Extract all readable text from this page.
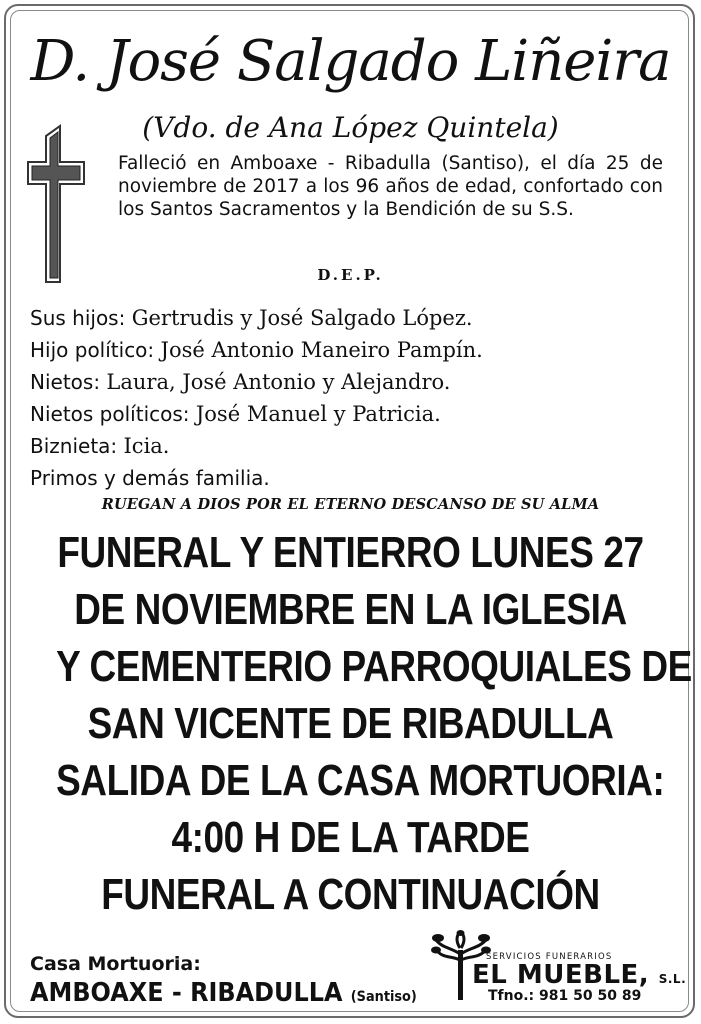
D. José Salgado Liñeira
(Vdo. de Ana López Quintela)
Falleció en Amboaxe - Ribadulla (Santiso), el día 25 de noviembre de 2017 a los 96 años de edad, confortado con los Santos Sacramentos y la Bendición de su S.S.
D.E.P.
Sus hijos: Gertrudis y José Salgado López.
Hijo político: José Antonio Maneiro Pampín.
Nietos: Laura, José Antonio y Alejandro.
Nietos políticos: José Manuel y Patricia.
Biznieta: Icia.
Primos y demás familia.
RUEGAN A DIOS POR EL ETERNO DESCANSO DE SU ALMA
FUNERAL Y ENTIERRO LUNES 27
DE NOVIEMBRE EN LA IGLESIA
Y CEMENTERIO PARROQUIALES DE
SAN VICENTE DE RIBADULLA
SALIDA DE LA CASA MORTUORIA:
4:00 H DE LA TARDE
FUNERAL A CONTINUACIÓN
Casa Mortuoria:
AMBOAXE - RIBADULLA (Santiso)
SERVICIOS FUNERARIOS
EL MUEBLE, S.L.
Tfno.: 981 50 50 89
